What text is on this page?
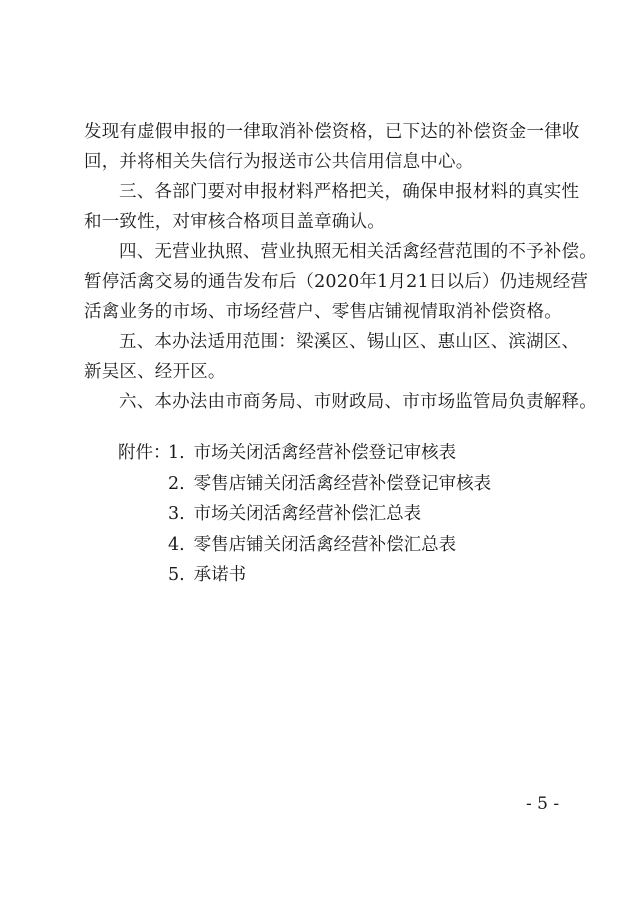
发现有虚假申报的一律取消补偿资格，已下达的补偿资金一律收
回，并将相关失信行为报送市公共信用信息中心。
三、各部门要对申报材料严格把关，确保申报材料的真实性
和一致性，对审核合格项目盖章确认。
四、无营业执照、营业执照无相关活禽经营范围的不予补偿。
暂停活禽交易的通告发布后（2020年1月21日以后）仍违规经营
活禽业务的市场、市场经营户、零售店铺视情取消补偿资格。
五、本办法适用范围：梁溪区、锡山区、惠山区、滨湖区、
新吴区、经开区。
六、本办法由市商务局、市财政局、市市场监管局负责解释。
附件：
1. 市场关闭活禽经营补偿登记审核表
2. 零售店铺关闭活禽经营补偿登记审核表
3. 市场关闭活禽经营补偿汇总表
4. 零售店铺关闭活禽经营补偿汇总表
5. 承诺书
- 5 -
